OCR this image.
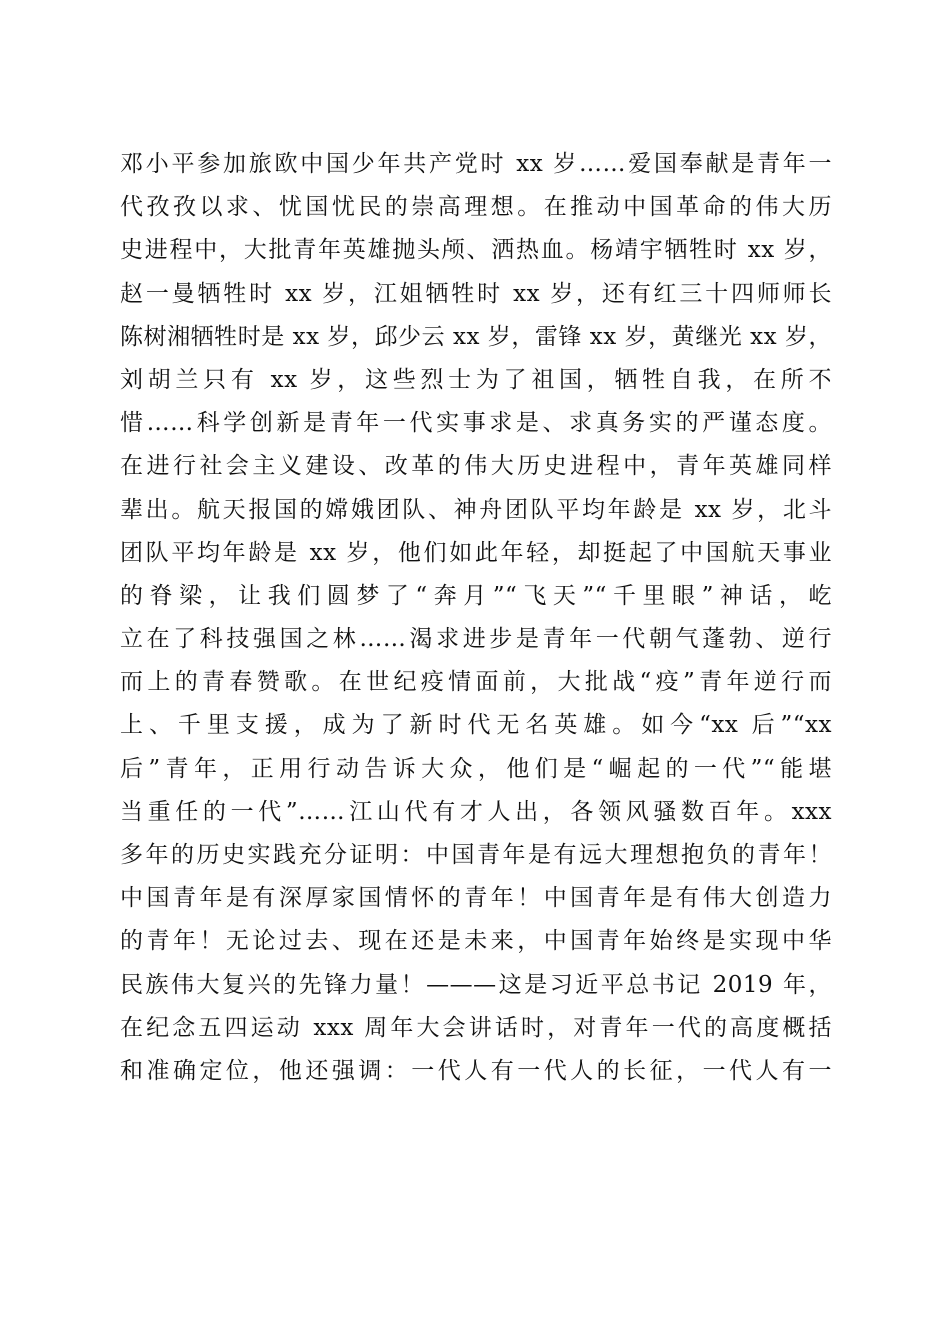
邓小平参加旅欧中国少年共产党时 xx 岁……爱国奉献是青年一
代孜孜以求、忧国忧民的崇高理想。在推动中国革命的伟大历
史进程中，大批青年英雄抛头颅、洒热血。杨靖宇牺牲时 xx 岁，
赵一曼牺牲时 xx 岁，江姐牺牲时 xx 岁，还有红三十四师师长
陈树湘牺牲时是 xx 岁，邱少云 xx 岁，雷锋 xx 岁，黄继光 xx 岁，
刘胡兰只有 xx 岁，这些烈士为了祖国，牺牲自我，在所不
惜……科学创新是青年一代实事求是、求真务实的严谨态度。
在进行社会主义建设、改革的伟大历史进程中，青年英雄同样
辈出。航天报国的嫦娥团队、神舟团队平均年龄是 xx 岁，北斗
团队平均年龄是 xx 岁，他们如此年轻，却挺起了中国航天事业
的脊梁，让我们圆梦了“奔月”“飞天”“千里眼”神话，屹
立在了科技强国之林……渴求进步是青年一代朝气蓬勃、逆行
而上的青春赞歌。在世纪疫情面前，大批战“疫”青年逆行而
上、千里支援，成为了新时代无名英雄。如今“xx 后”“xx
后”青年，正用行动告诉大众，他们是“崛起的一代”“能堪
当重任的一代”……江山代有才人出，各领风骚数百年。xxx
多年的历史实践充分证明：中国青年是有远大理想抱负的青年！
中国青年是有深厚家国情怀的青年！中国青年是有伟大创造力
的青年！无论过去、现在还是未来，中国青年始终是实现中华
民族伟大复兴的先锋力量！———这是习近平总书记 2019 年，
在纪念五四运动 xxx 周年大会讲话时，对青年一代的高度概括
和准确定位，他还强调：一代人有一代人的长征，一代人有一
